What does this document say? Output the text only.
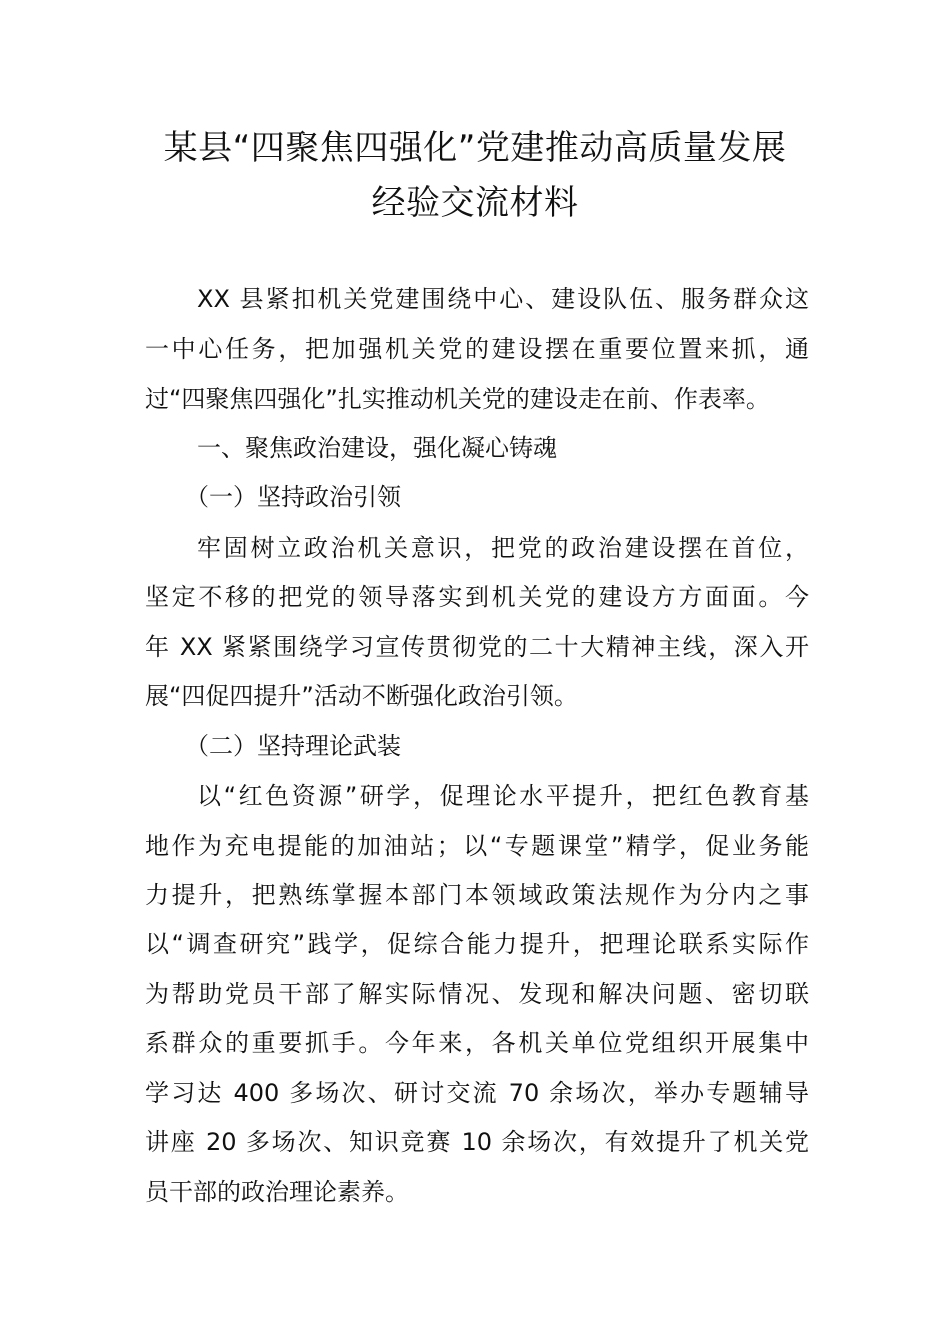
某县“四聚焦四强化”党建推动高质量发展
经验交流材料
XX 县紧扣机关党建围绕中心、建设队伍、服务群众这
一中心任务，把加强机关党的建设摆在重要位置来抓，通
过“四聚焦四强化”扎实推动机关党的建设走在前、作表率。
一、聚焦政治建设，强化凝心铸魂
（一）坚持政治引领
牢固树立政治机关意识，把党的政治建设摆在首位，
坚定不移的把党的领导落实到机关党的建设方方面面。今
年 XX 紧紧围绕学习宣传贯彻党的二十大精神主线，深入开
展“四促四提升”活动不断强化政治引领。
（二）坚持理论武装
以“红色资源”研学，促理论水平提升，把红色教育基
地作为充电提能的加油站；以“专题课堂”精学，促业务能
力提升，把熟练掌握本部门本领域政策法规作为分内之事
以“调查研究”践学，促综合能力提升，把理论联系实际作
为帮助党员干部了解实际情况、发现和解决问题、密切联
系群众的重要抓手。今年来，各机关单位党组织开展集中
学习达 400 多场次、研讨交流 70 余场次，举办专题辅导
讲座 20 多场次、知识竞赛 10 余场次，有效提升了机关党
员干部的政治理论素养。
